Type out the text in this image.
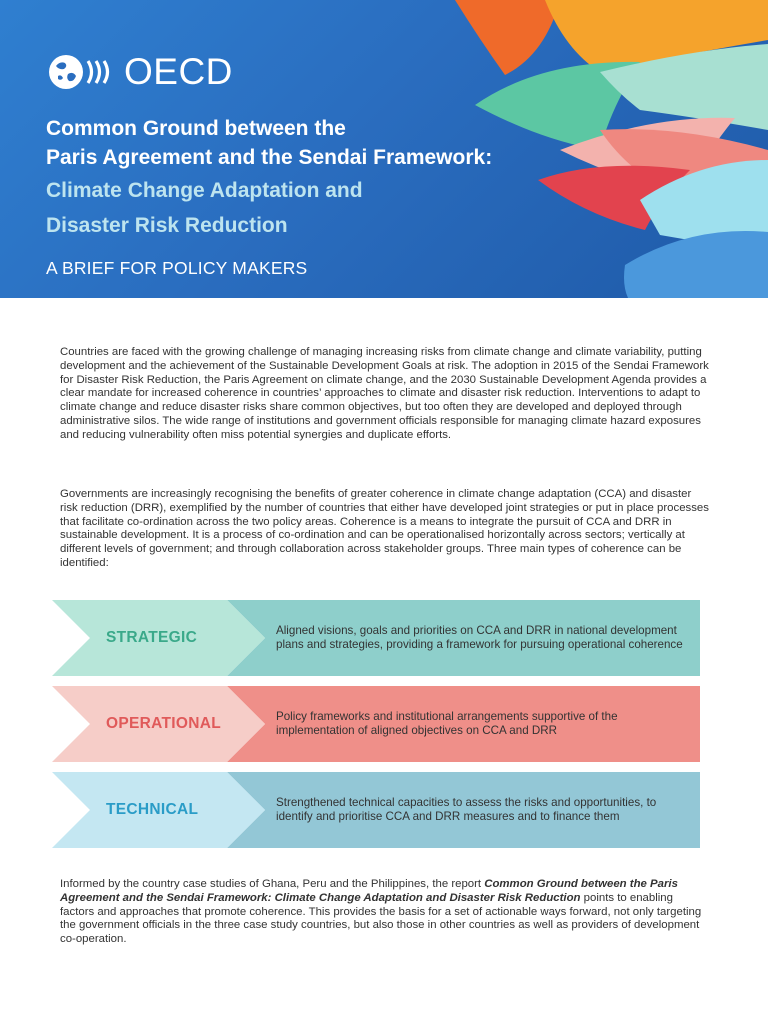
OECD
Common Ground between the
Paris Agreement and the Sendai Framework:
Climate Change Adaptation and
Disaster Risk Reduction
A BRIEF FOR POLICY MAKERS

Countries are faced with the growing challenge of managing increasing risks from climate change and climate variability, putting development and the achievement of the Sustainable Development Goals at risk. The adoption in 2015 of the Sendai Framework for Disaster Risk Reduction, the Paris Agreement on climate change, and the 2030 Sustainable Development Agenda provides a clear mandate for increased coherence in countries’ approaches to climate and disaster risk reduction. Interventions to adapt to climate change and reduce disaster risks share common objectives, but too often they are developed and deployed through administrative silos. The wide range of institutions and government officials responsible for managing climate hazard exposures and reducing vulnerability often miss potential synergies and duplicate efforts.

Governments are increasingly recognising the benefits of greater coherence in climate change adaptation (CCA) and disaster risk reduction (DRR), exemplified by the number of countries that either have developed joint strategies or put in place processes that facilitate co-ordination across the two policy areas. Coherence is a means to integrate the pursuit of CCA and DRR in sustainable development. It is a process of co-ordination and can be operationalised horizontally across sectors; vertically at different levels of government; and through collaboration across stakeholder groups. Three main types of coherence can be identified:

STRATEGIC	Aligned visions, goals and priorities on CCA and DRR in national development plans and strategies, providing a framework for pursuing operational coherence
OPERATIONAL	Policy frameworks and institutional arrangements supportive of the implementation of aligned objectives on CCA and DRR
TECHNICAL	Strengthened technical capacities to assess the risks and opportunities, to identify and prioritise CCA and DRR measures and to finance them

Informed by the country case studies of Ghana, Peru and the Philippines, the report Common Ground between the Paris Agreement and the Sendai Framework: Climate Change Adaptation and Disaster Risk Reduction points to enabling factors and approaches that promote coherence. This provides the basis for a set of actionable ways forward, not only targeting the government officials in the three case study countries, but also those in other countries as well as providers of development co-operation.
